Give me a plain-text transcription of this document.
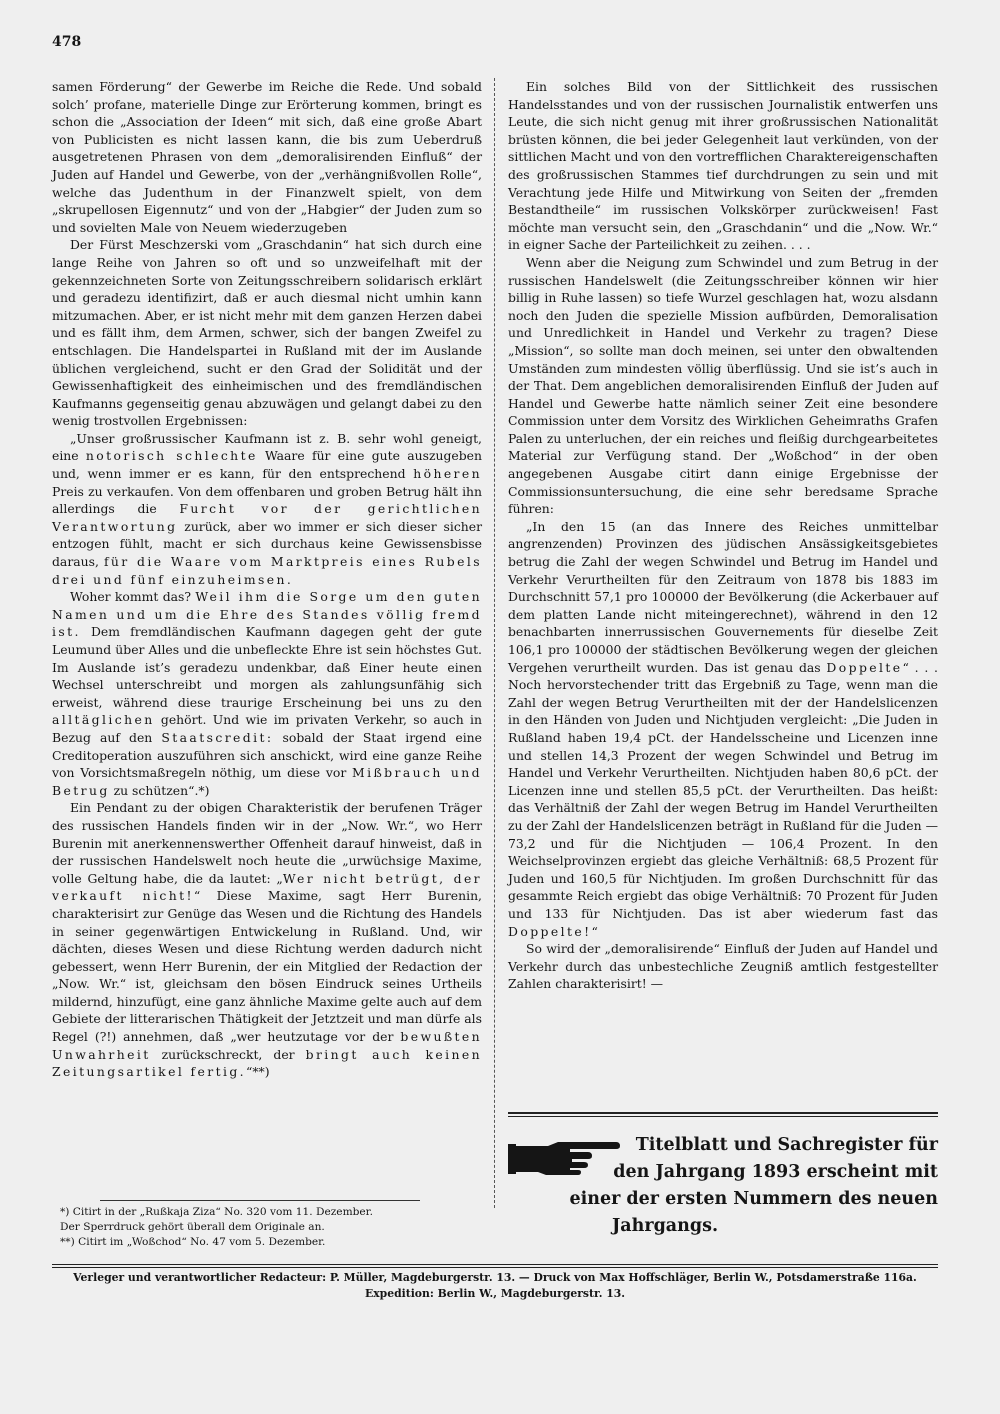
478

samen Förderung“ der Gewerbe im Reiche die Rede. Und sobald solch’ profane, materielle Dinge zur Erörterung kommen, bringt es schon die „Association der Ideen“ mit sich, daß eine große Abart von Publicisten es nicht lassen kann, die bis zum Ueberdruß ausgetretenen Phrasen von dem „demoralisirenden Einfluß“ der Juden auf Handel und Gewerbe, von der „verhängnißvollen Rolle“, welche das Judenthum in der Finanzwelt spielt, von dem „skrupellosen Eigennutz“ und von der „Habgier“ der Juden zum so und sovielten Male von Neuem wiederzugeben

Der Fürst Meschzerski vom „Graschdanin“ hat sich durch eine lange Reihe von Jahren so oft und so unzweifelhaft mit der gekennzeichneten Sorte von Zeitungsschreibern solidarisch erklärt und geradezu identifizirt, daß er auch diesmal nicht umhin kann mitzumachen. Aber, er ist nicht mehr mit dem ganzen Herzen dabei und es fällt ihm, dem Armen, schwer, sich der bangen Zweifel zu entschlagen. Die Handelspartei in Rußland mit der im Auslande üblichen vergleichend, sucht er den Grad der Solidität und der Gewissenhaftigkeit des einheimischen und des fremdländischen Kaufmanns gegenseitig genau abzuwägen und gelangt dabei zu den wenig trostvollen Ergebnissen:

„Unser großrussischer Kaufmann ist z. B. sehr wohl geneigt, eine notorisch schlechte Waare für eine gute auszugeben und, wenn immer er es kann, für den entsprechend höheren Preis zu verkaufen. Von dem offenbaren und groben Betrug hält ihn allerdings die Furcht vor der gerichtlichen Verantwortung zurück, aber wo immer er sich dieser sicher entzogen fühlt, macht er sich durchaus keine Gewissensbisse daraus, für die Waare vom Marktpreis eines Rubels drei und fünf einzuheimsen.

Woher kommt das? Weil ihm die Sorge um den guten Namen und um die Ehre des Standes völlig fremd ist. Dem fremdländischen Kaufmann dagegen geht der gute Leumund über Alles und die unbefleckte Ehre ist sein höchstes Gut. Im Auslande ist’s geradezu undenkbar, daß Einer heute einen Wechsel unterschreibt und morgen als zahlungsunfähig sich erweist, während diese traurige Erscheinung bei uns zu den alltäglichen gehört. Und wie im privaten Verkehr, so auch in Bezug auf den Staatscredit: sobald der Staat irgend eine Creditoperation auszuführen sich anschickt, wird eine ganze Reihe von Vorsichtsmaßregeln nöthig, um diese vor Mißbrauch und Betrug zu schützen“.*)

Ein Pendant zu der obigen Charakteristik der berufenen Träger des russischen Handels finden wir in der „Now. Wr.“, wo Herr Burenin mit anerkennenswerther Offenheit darauf hinweist, daß in der russischen Handelswelt noch heute die „urwüchsige Maxime, volle Geltung habe, die da lautet: „Wer nicht betrügt, der verkauft nicht!“ Diese Maxime, sagt Herr Burenin, charakterisirt zur Genüge das Wesen und die Richtung des Handels in seiner gegenwärtigen Entwickelung in Rußland. Und, wir dächten, dieses Wesen und diese Richtung werden dadurch nicht gebessert, wenn Herr Burenin, der ein Mitglied der Redaction der „Now. Wr.“ ist, gleichsam den bösen Eindruck seines Urtheils mildernd, hinzufügt, eine ganz ähnliche Maxime gelte auch auf dem Gebiete der litterarischen Thätigkeit der Jetztzeit und man dürfe als Regel (?!) annehmen, daß „wer heutzutage vor der bewußten Unwahrheit zurückschreckt, der bringt auch keinen Zeitungsartikel fertig.“**)

*) Citirt in der „Rußkaja Ziza“ No. 320 vom 11. Dezember.

Der Sperrdruck gehört überall dem Originale an.

**) Citirt im „Woßchod“ No. 47 vom 5. Dezember.

Ein solches Bild von der Sittlichkeit des russischen Handelsstandes und von der russischen Journalistik entwerfen uns Leute, die sich nicht genug mit ihrer großrussischen Nationalität brüsten können, die bei jeder Gelegenheit laut verkünden, von der sittlichen Macht und von den vortrefflichen Charaktereigenschaften des großrussischen Stammes tief durchdrungen zu sein und mit Verachtung jede Hilfe und Mitwirkung von Seiten der „fremden Bestandtheile“ im russischen Volkskörper zurückweisen! Fast möchte man versucht sein, den „Graschdanin“ und die „Now. Wr.“ in eigner Sache der Parteilichkeit zu zeihen. . . .

Wenn aber die Neigung zum Schwindel und zum Betrug in der russischen Handelswelt (die Zeitungsschreiber können wir hier billig in Ruhe lassen) so tiefe Wurzel geschlagen hat, wozu alsdann noch den Juden die spezielle Mission aufbürden, Demoralisation und Unredlichkeit in Handel und Verkehr zu tragen? Diese „Mission“, so sollte man doch meinen, sei unter den obwaltenden Umständen zum mindesten völlig überflüssig. Und sie ist’s auch in der That. Dem angeblichen demoralisirenden Einfluß der Juden auf Handel und Gewerbe hatte nämlich seiner Zeit eine besondere Commission unter dem Vorsitz des Wirklichen Geheimraths Grafen Palen zu unterluchen, der ein reiches und fleißig durchgearbeitetes Material zur Verfügung stand. Der „Woßchod“ in der oben angegebenen Ausgabe citirt dann einige Ergebnisse der Commissionsuntersuchung, die eine sehr beredsame Sprache führen:

„In den 15 (an das Innere des Reiches unmittelbar angrenzenden) Provinzen des jüdischen Ansässigkeitsgebietes betrug die Zahl der wegen Schwindel und Betrug im Handel und Verkehr Verurtheilten für den Zeitraum von 1878 bis 1883 im Durchschnitt 57,1 pro 100000 der Bevölkerung (die Ackerbauer auf dem platten Lande nicht miteingerechnet), während in den 12 benachbarten innerrussischen Gouvernements für dieselbe Zeit 106,1 pro 100000 der städtischen Bevölkerung wegen der gleichen Vergehen verurtheilt wurden. Das ist genau das Doppelte“ . . . Noch hervorstechender tritt das Ergebniß zu Tage, wenn man die Zahl der wegen Betrug Verurtheilten mit der der Handelslicenzen in den Händen von Juden und Nichtjuden vergleicht: „Die Juden in Rußland haben 19,4 pCt. der Handelsscheine und Licenzen inne und stellen 14,3 Prozent der wegen Schwindel und Betrug im Handel und Verkehr Verurtheilten. Nichtjuden haben 80,6 pCt. der Licenzen inne und stellen 85,5 pCt. der Verurtheilten. Das heißt: das Verhältniß der Zahl der wegen Betrug im Handel Verurtheilten zu der Zahl der Handelslicenzen beträgt in Rußland für die Juden — 73,2 und für die Nichtjuden — 106,4 Prozent. In den Weichselprovinzen ergiebt das gleiche Verhältniß: 68,5 Prozent für Juden und 160,5 für Nichtjuden. Im großen Durchschnitt für das gesammte Reich ergiebt das obige Verhältniß: 70 Prozent für Juden und 133 für Nichtjuden. Das ist aber wiederum fast das Doppelte!“

So wird der „demoralisirende“ Einfluß der Juden auf Handel und Verkehr durch das unbestechliche Zeugniß amtlich festgestellter Zahlen charakterisirt! —

Titelblatt und Sachregister für
den Jahrgang 1893 erscheint mit
einer der ersten Nummern des neuen
Jahrgangs.
Verleger und verantwortlicher Redacteur: P. Müller, Magdeburgerstr. 13. — Druck von Max Hoffschläger, Berlin W., Potsdamerstraße 116a.
Expedition: Berlin W., Magdeburgerstr. 13.
